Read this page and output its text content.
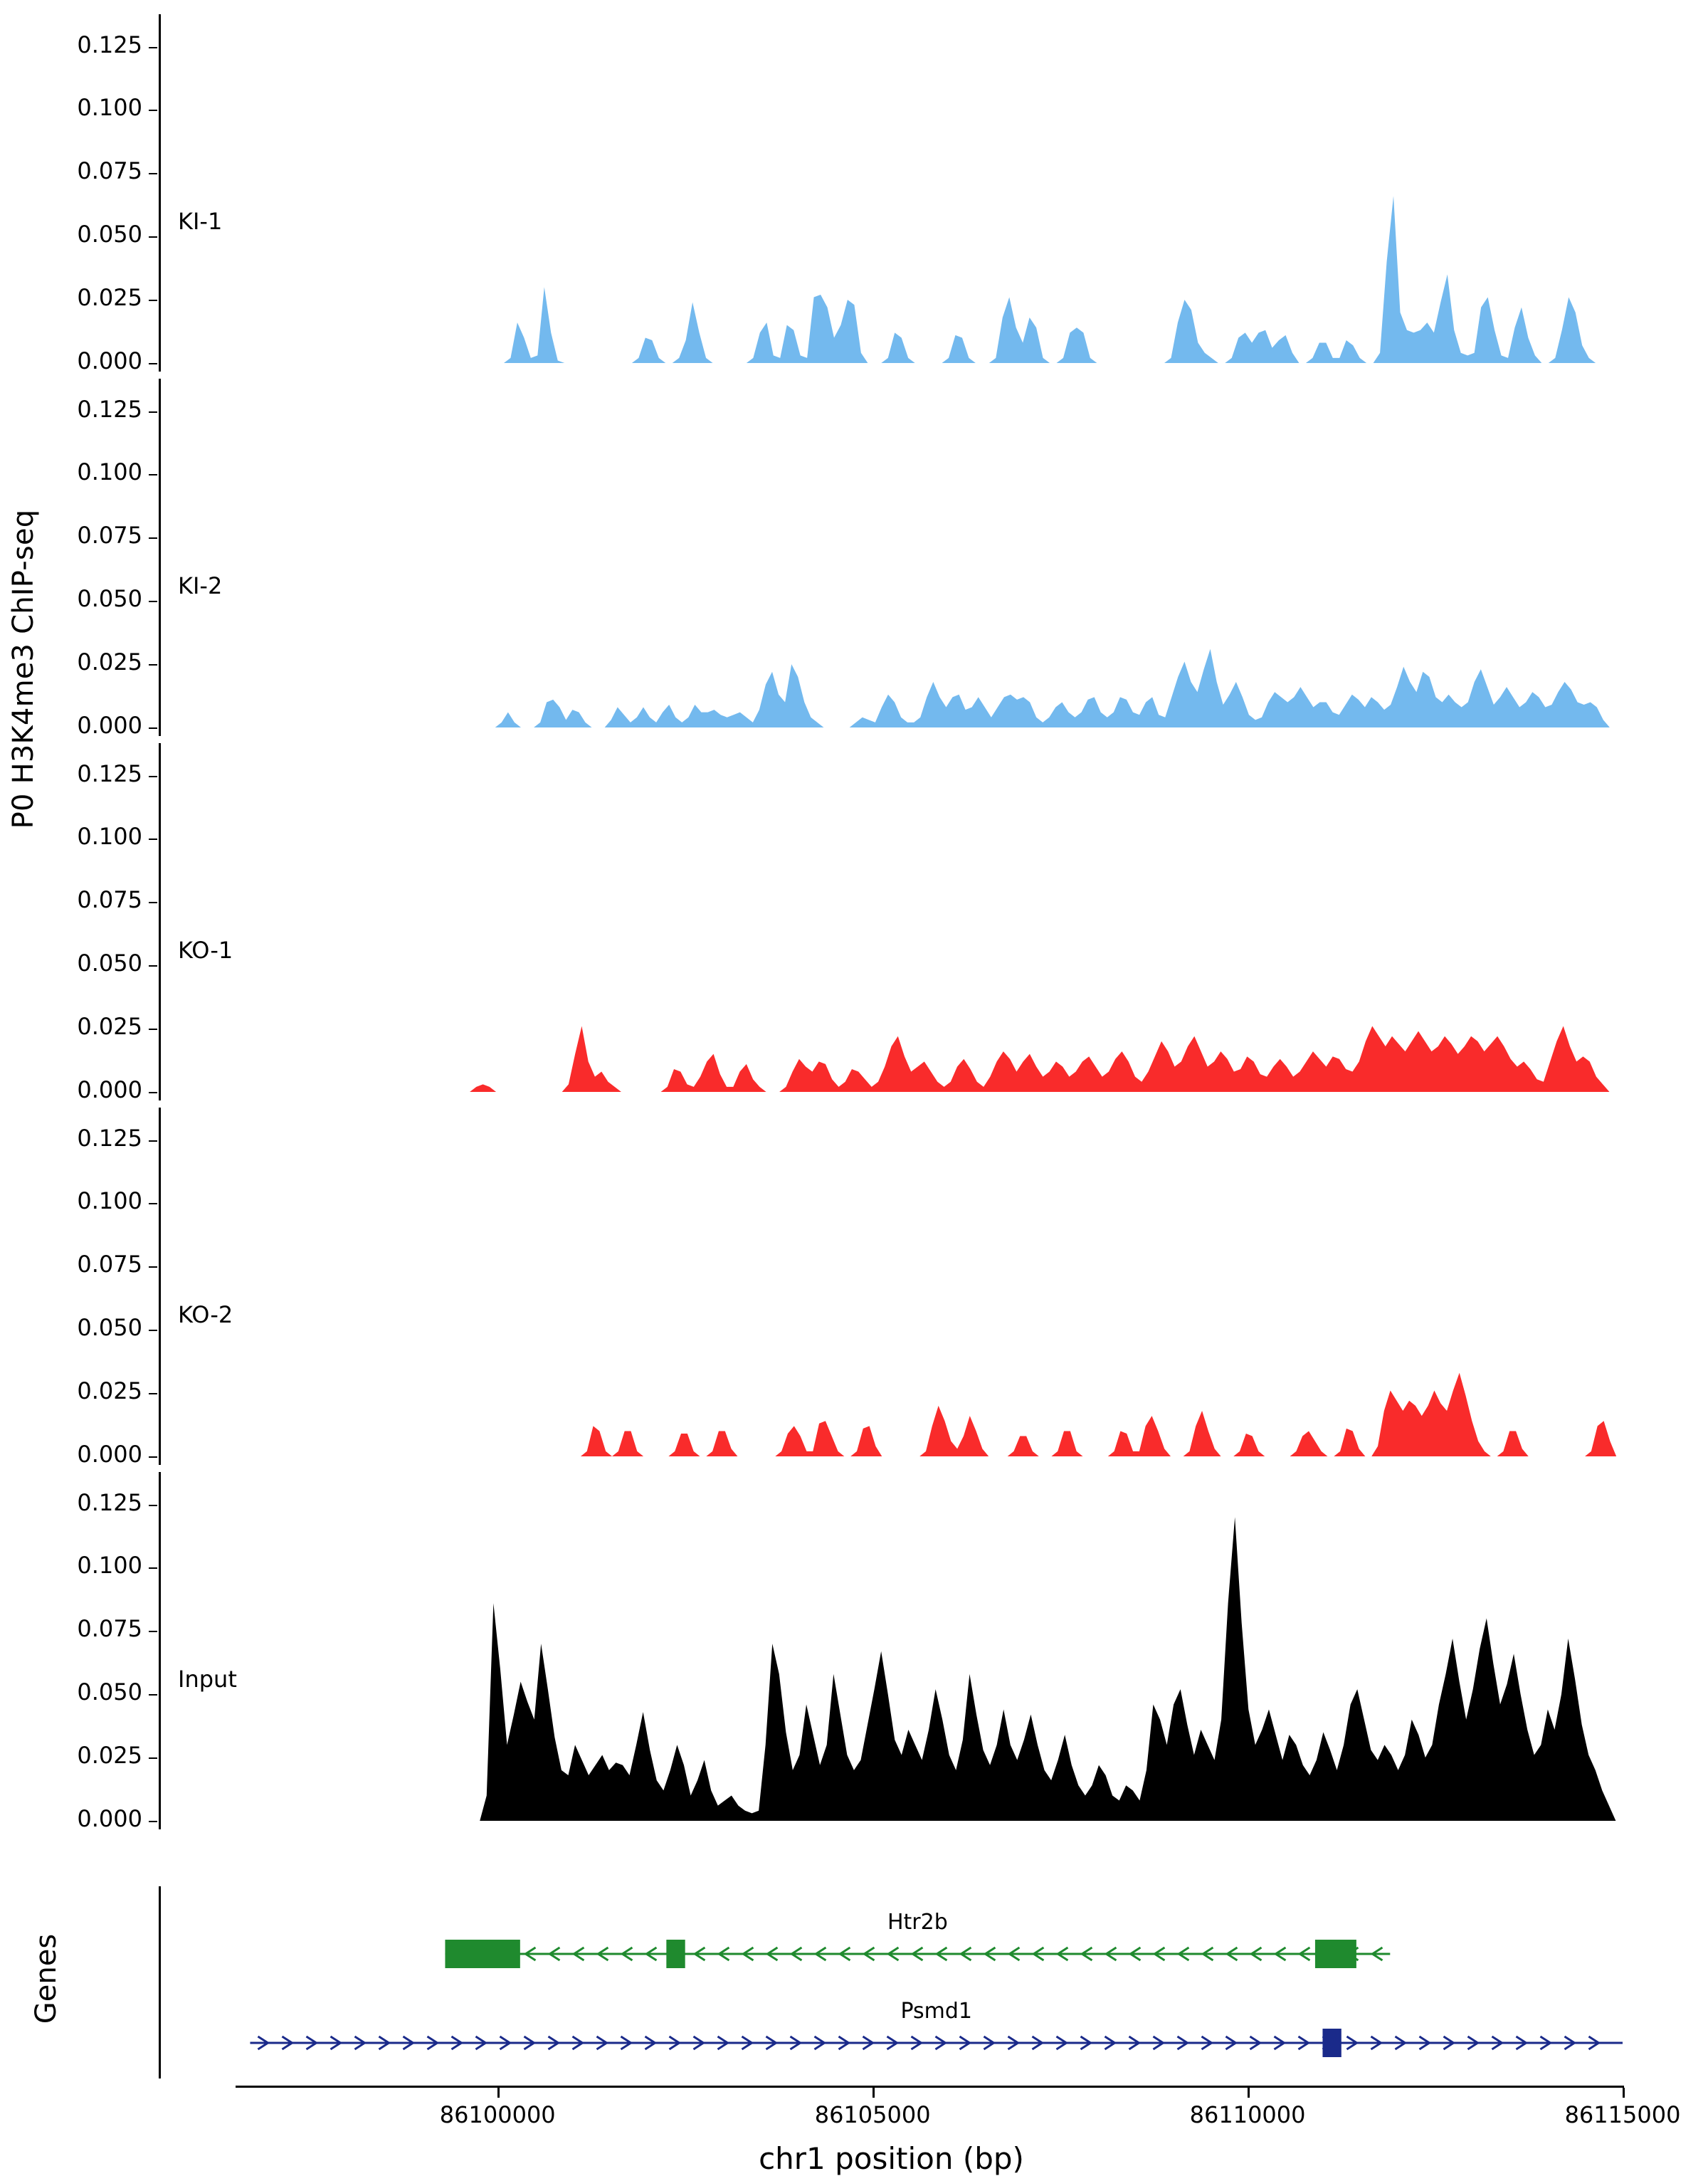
P0 H3K4me3 ChIP-seq
Genes
0.000
0.025
0.050
0.075
0.100
0.125
KI-1
0.000
0.025
0.050
0.075
0.100
0.125
KI-2
0.000
0.025
0.050
0.075
0.100
0.125
KO-1
0.000
0.025
0.050
0.075
0.100
0.125
KO-2
0.000
0.025
0.050
0.075
0.100
0.125
Input
86100000	86105000	86110000	86115000
chr1 position (bp)
Htr2b
Psmd1
